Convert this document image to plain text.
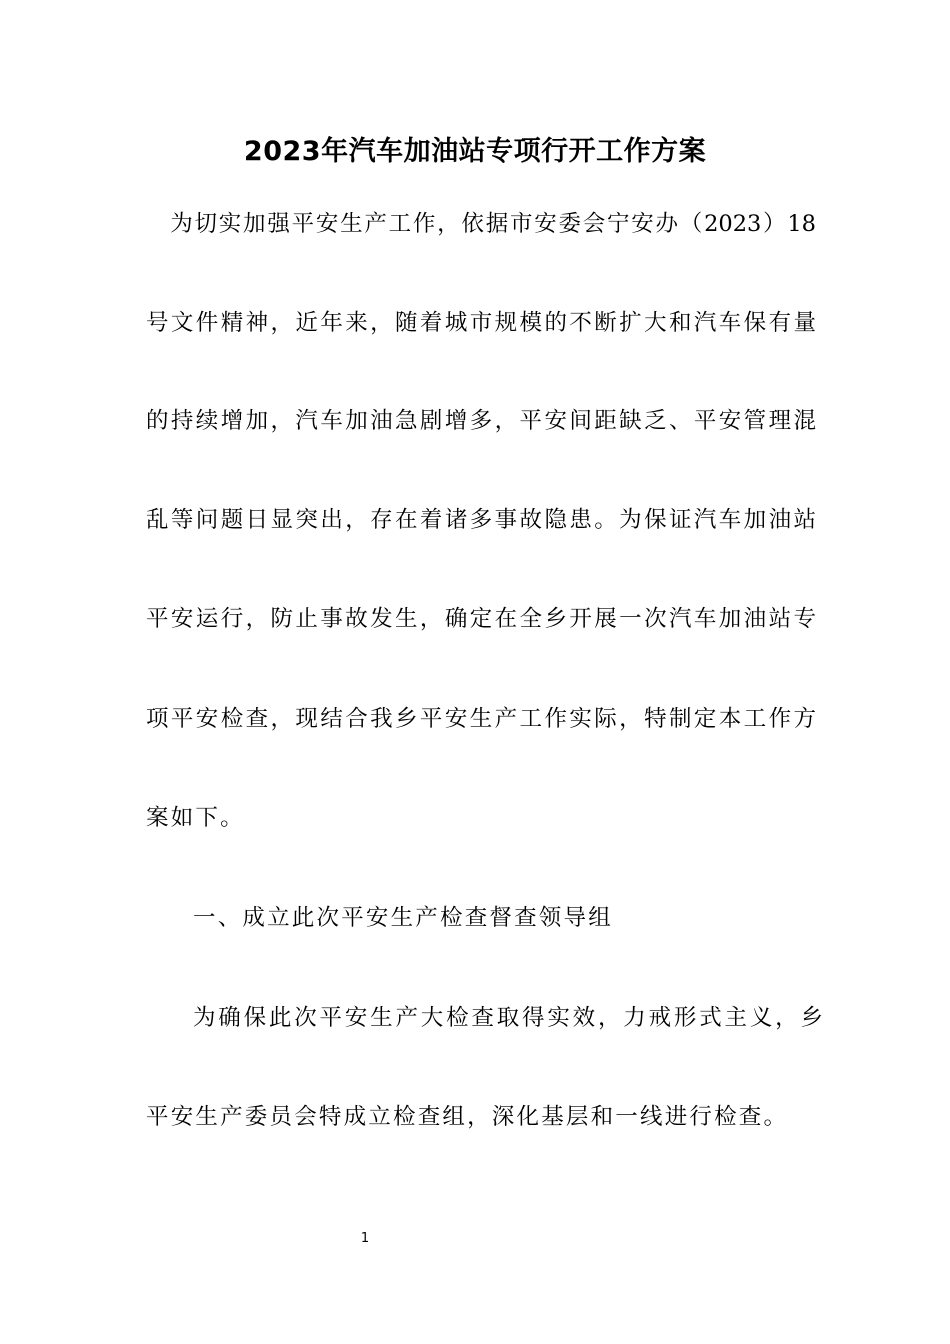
2023年汽车加油站专项行开工作方案
　为切实加强平安生产工作，依据市安委会宁安办（2023）18
号文件精神，近年来，随着城市规模的不断扩大和汽车保有量
的持续增加，汽车加油急剧增多，平安间距缺乏、平安管理混
乱等问题日显突出，存在着诸多事故隐患。为保证汽车加油站
平安运行，防止事故发生，确定在全乡开展一次汽车加油站专
项平安检查，现结合我乡平安生产工作实际，特制定本工作方
案如下。
一、成立此次平安生产检查督查领导组
为确保此次平安生产大检查取得实效，力戒形式主义，乡
平安生产委员会特成立检查组，深化基层和一线进行检查。
1
